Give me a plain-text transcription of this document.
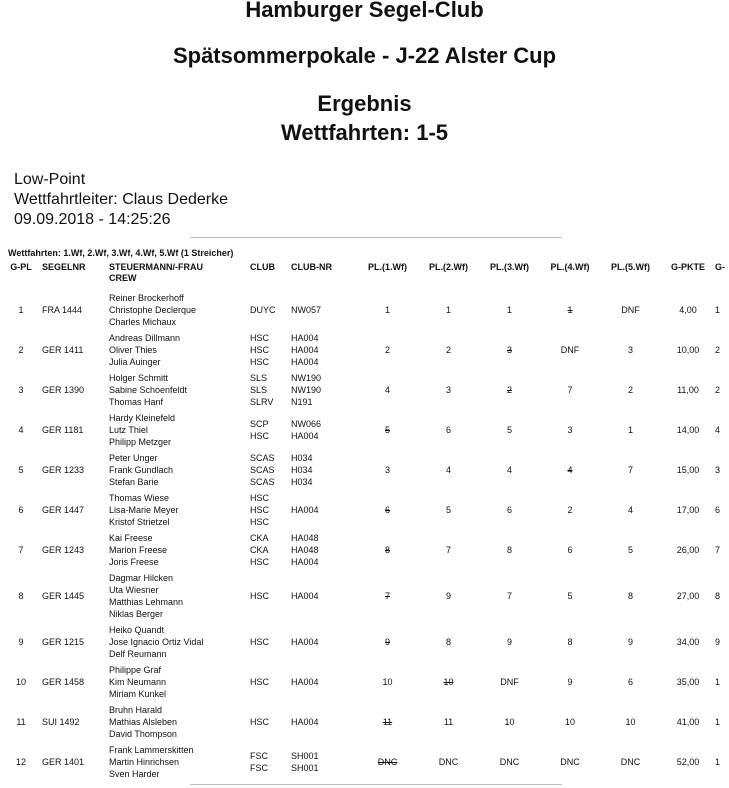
Hamburger Segel-Club
Spätsommerpokale - J-22 Alster Cup
Ergebnis
Wettfahrten: 1-5
Low-Point
Wettfahrtleiter: Claus Dederke
09.09.2018 - 14:25:26
Wettfahrten: 1.Wf, 2.Wf, 3.Wf, 4.Wf, 5.Wf (1 Streicher)
G-PL	SEGELNR	STEUERMANN/-FRAU
CREW	CLUB	CLUB-NR	PL.(1.Wf)	PL.(2.Wf)	PL.(3.Wf)	PL.(4.Wf)	PL.(5.Wf)	G-PKTE	G-
1	FRA 1444	Reiner Brockerhoff
Christophe Declerque
Charles Michaux	DUYC	NW057	1	1	1	1	DNF	4,00	1
2	GER 1411	Andreas Dillmann
Oliver Thies
Julia Auinger	HSC
HSC
HSC	HA004
HA004
HA004	2	2	3	DNF	3	10,00	2
3	GER 1390	Holger Schmitt
Sabine Schoenfeldt
Thomas Hanf	SLS
SLS
SLRV	NW190
NW190
N191	4	3	2	7	2	11,00	2
4	GER 1181	Hardy Kleinefeld
Lutz Thiel
Philipp Metzger	SCP
HSC	NW066
HA004	5	6	5	3	1	14,00	4
5	GER 1233	Peter Unger
Frank Gundlach
Stefan Barie	SCAS
SCAS
SCAS	H034
H034
H034	3	4	4	4	7	15,00	3
6	GER 1447	Thomas Wiese
Lisa-Marie Meyer
Kristof Strietzel	HSC
HSC
HSC	HA004	6	5	6	2	4	17,00	6
7	GER 1243	Kai Freese
Marion Freese
Joris Freese	CKA
CKA
HSC	HA048
HA048
HA004	8	7	8	6	5	26,00	7
8	GER 1445	Dagmar Hilcken
Uta Wiesner
Matthias Lehmann
Niklas Berger	HSC	HA004	7	9	7	5	8	27,00	8
9	GER 1215	Heiko Quandt
Jose Ignacio Ortiz Vidal
Delf Reumann	HSC	HA004	9	8	9	8	9	34,00	9
10	GER 1458	Philippe Graf
Kim Neumann
Miriam Kunkel	HSC	HA004	10	10	DNF	9	6	35,00	1
11	SUI 1492	Bruhn Harald
Mathias Alsleben
David Thompson	HSC	HA004	11	11	10	10	10	41,00	1
12	GER 1401	Frank Lammerskitten
Martin Hinrichsen
Sven Harder	FSC
FSC	SH001
SH001	DNC	DNC	DNC	DNC	DNC	52,00	1
